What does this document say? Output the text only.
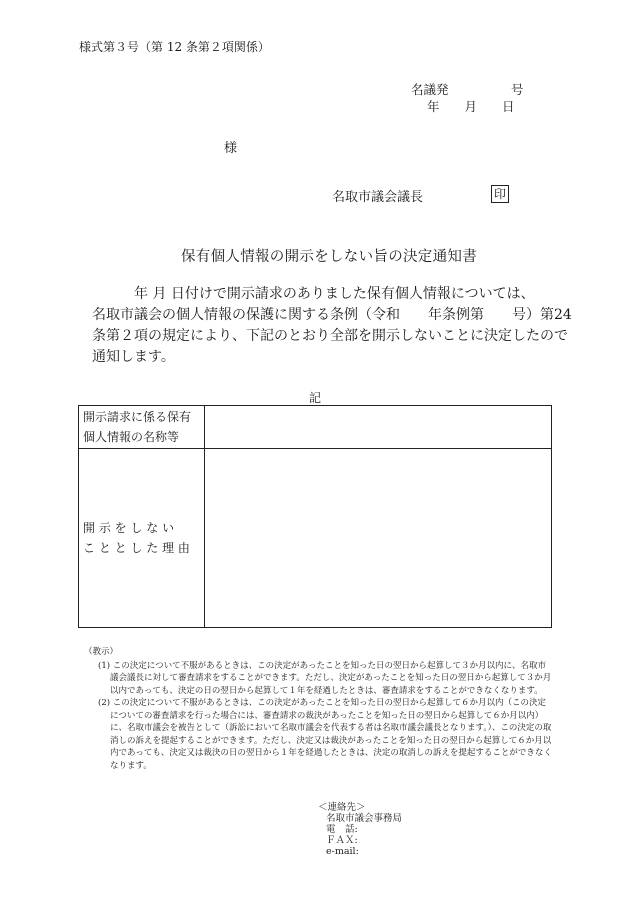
様式第３号（第 12 条第２項関係）
名議発　　　　　号
年　　月　　日
様
名取市議会議長	印
保有個人情報の開示をしない旨の決定通知書
　　　年 月 日付けで開示請求のありました保有個人情報については、
名取市議会の個人情報の保護に関する条例（令和　　年条例第　　号）第24
条第２項の規定により、下記のとおり全部を開示しないことに決定したので
通知します。
記
開示請求に係る保有
個人情報の名称等	

開 示 を し な い
こ と と し た 理 由	

（教示）
(1) この決定について不服があるときは、この決定があったことを知った日の翌日から起算して３か月以内に、名取市議会議長に対して審査請求をすることができます。ただし、決定があったことを知った日の翌日から起算して３か月以内であっても、決定の日の翌日から起算して１年を経過したときは、審査請求をすることができなくなります。
(2) この決定について不服があるときは、この決定があったことを知った日の翌日から起算して６か月以内（この決定についての審査請求を行った場合には、審査請求の裁決があったことを知った日の翌日から起算して６か月以内）に、名取市議会を被告として（訴訟において名取市議会を代表する者は名取市議会議長となります。）、この決定の取消しの訴えを提起することができます。ただし、決定又は裁決があったことを知った日の翌日から起算して６か月以内であっても、決定又は裁決の日の翌日から１年を経過したときは、決定の取消しの訴えを提起することができなくなります。
＜連絡先＞
名取市議会事務局
電　話:
ＦＡＸ:
e-mail:
